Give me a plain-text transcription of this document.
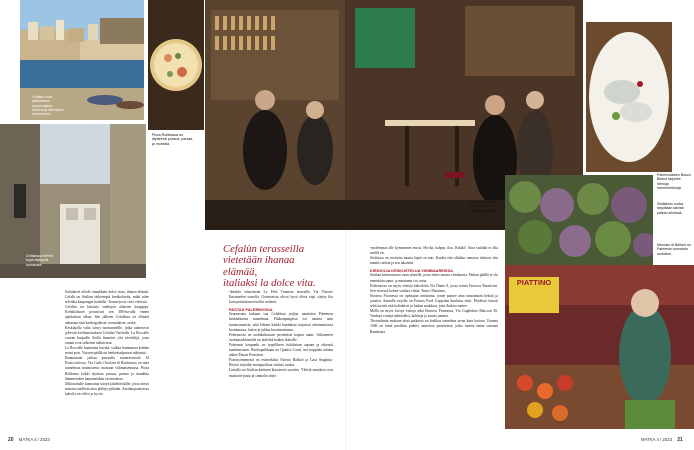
Cefalùn ovat pääosassa kaupungissa historia ja eläväinen merenranta.
Pizza Robbassa on täytteenä possua, parsaa ja munkkia.
Cefalùssa kierret kujat täyttyvät turisteista.
Cefalùn terasseilla
vietetään ihanaa elämää,
italiaksi la dolce vita.
Italialaiset elävät rinnakkain dolce vitaa, ihanaa elämää. Cefalù on Sisilian tärkeimpiä kesäkohteita, mikä tulee selväksi kaupungin kaduilla. Terasseja on vieri vieressä.
Cefalùn on lukuisia vanhojen alttarien kauppoja. Kreikkalaiset perustivat sen 300-luvulla ennen ajanlaskun alkua. Sen jälkeen Cefalùssa on eläneet aikanaan niin karthagolaiset, roomalaiset, arabit.
Keskiajalla valta siirtyi normanneille, jotka rakensivat jykevän kivilinnoituksen Cefalùn Varttiolle, La Roccalle vuoren huipulle. Sieltä linnoitus ylsi tärvetilijä, josta rannat ovat selkeästi nähtävissä.
La Roccalle kannattaa kavuta, vaikka kummassa kohdin nousi pois. Vuoren päällä on henkeäsalpaavat näkymät.
Ihanuuttaan jatkuu piazzalla runtaravintola Al Porticciolossa. Via Carlo Ortolani di Bordonaro on aina tunnelmaa mainostettu mustaan välimaisemassa. Pizza Robbasta kokki sijoittaa possua, parsaa ja munkkia hämmentäen hamamtoihin ravintolassa.
Jälkiruokalle kannattaa siirtyä jäätelötiskille, jossa annos maistuu melkein aina jäähtyy pitkään. Aurinkopaisteessa kahvila on viilee ja hyvin.
-drinkki viimeisenä Le Petit Tonneau terassilla Via Vittorio Emanuelen varrella. Oransseista olivat hyvä elävä siipi sitytty ilta kuin poimittuna tivoilin tuuleen.
PASTAA PALERMOSSA
Seuraavana kukaan saa Cefalùssa paljon nautintoa Palermon keskiaikaista tunnelmaa. Pääkaupungissa voi nauttia aina tunnusomaisia, siitä lähtien kaikki kuninkaat tarjoavat rakennuksissa luottamusta, lasien ja juhlan kuorimattomia.
Palermossa on arabikulttuurin perinteiset kapeat uunit. Valtameren ruokamarkkinoilla on jäätelöä kaiken ikäisille.
Palermon kaupunki on tyypillinen italialaisen tapaan ja oikeasti nauttimistaan. Ruokapaikkana on Quattro Canti, sen kuppilan takana näkee Piazza Pretorian.
Pastasyömenestä on esimerkiksi Osteria Ballarò ja Casa Stagnitta. Bistrot tarjoilee monipuolisia sisäisiä ruokia.
Lintulla on Sisilian kettinen klassisesti suosittu. Yleisiä annoksia ovat muskotti-pasta ja cannolin täyte.
20 MATKA 4 / 2023
Palermon Enoteca Picanessa on kodikas tunnelma.
Palermolaisen Bosco Bistrot tarjoilee hienoja merenherkkuja.
Sisiliainen ruoka tarjoillaan talvisin paikan silmissä.
Mercato di Ballarò on Palermon tunnetuin ruokatori.
PIATTINO
-molemmat alle kymmenen euroa. Hyvää, halpaa, iloa. Kaikki! Aina sisältää ei olla meillä en.
Sisiliassa on osoitettu monta läpeä on taas. Kuulin että ollutkin samassa tiskissä, että nauttii ruokaa ja sen takaisiin.
KIRKKOJA KESKUSTELUA VIINIBAAREISSA
Sisilian kiinnostavaa osuu alueelle, jossa tekee monta viinibaaria. Paikan päällä ei ole ennestään sama, ja muutama voi ostaa.
Palermossa on myös siistejä kahviloita Via Dante 8, jossa toimii Enoteca Buonivini. Sen vieressä kolme vanhaa viiniä: Teatro Massimo.
Enoteca Picanessa on opettajan omistama, jonne pääsee aina nauttimaan keksiä ja juustoa. Aamulla tarjolla on Francis Ford Coppolan kuuluisa viini. Pöydissä istuvat sekä turistit että italialaiset ja kadun asukkaat, joita Andrea tuntee.
Mellä on myös kivoja viinejä sekä Enoteca Picanessa, Via Guglielmo Marconi 56. Vanhoja viinejä nähtäväksi, kokkeja ja suuria juomia.
Tiivistelmän mukaan tässä paikassa on kodikas tunnelma aivan kuin kotona. Vuonna 1946 on tämä puolikas pidetty samoissa perinteissä, jotka tuotiin tänne suoraan Ranskasta.
MATKA 4 / 2023 21
